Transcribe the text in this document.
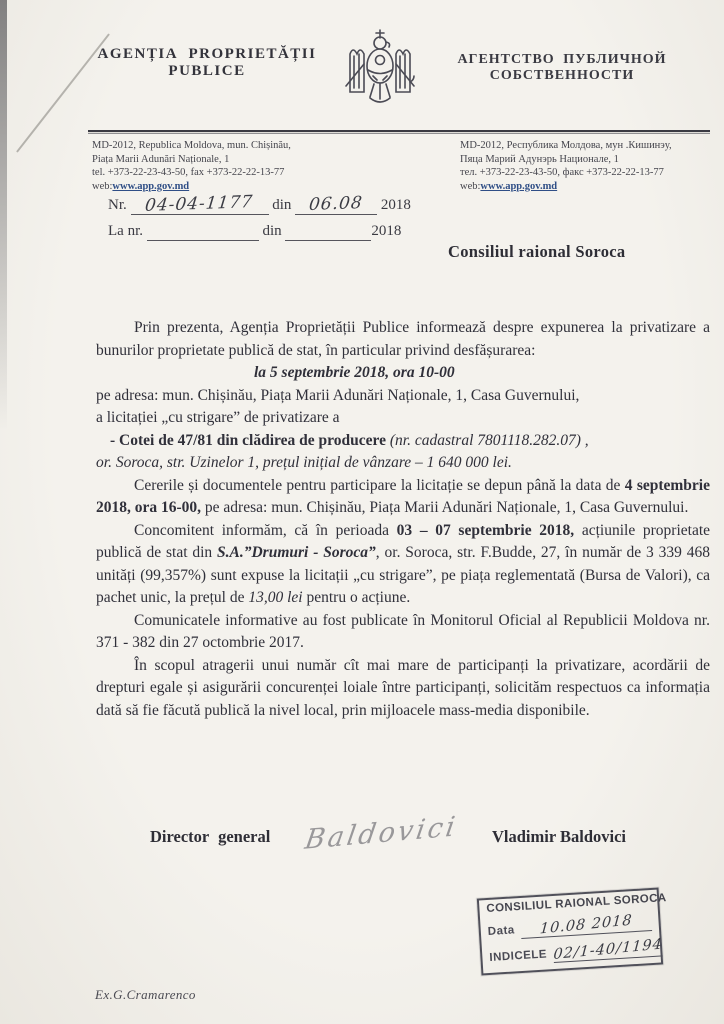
AGENȚIA PROPRIETĂȚII PUBLICE
АГЕНТСТВО ПУБЛИЧНОЙ СОБСТВЕННОСТИ
MD-2012, Republica Moldova, mun. Chișinău,
Piața Marii Adunări Naționale, 1
tel. +373-22-23-43-50, fax +373-22-22-13-77
web:www.app.gov.md
MD-2012, Республика Молдова, мун .Кишинэу,
Пяца Марий Адунэрь Национале, 1
тел. +373-22-23-43-50, факс +373-22-22-13-77
web:www.app.gov.md
Nr. 04-04-1177 din 06.08 2018
La nr.	din	2018
Consiliul raional Soroca

Prin prezenta, Agenția Proprietății Publice informează despre expunerea la privatizare a bunurilor proprietate publică de stat, în particular privind desfășurarea:

la 5 septembrie 2018, ora 10-00

pe adresa: mun. Chișinău, Piața Marii Adunări Naționale, 1, Casa Guvernului,
a licitației „cu strigare” de privatizare a

- Cotei de 47/81 din clădirea de producere (nr. cadastral 7801118.282.07) ,
or. Soroca, str. Uzinelor 1, prețul inițial de vânzare – 1 640 000 lei.

Cererile și documentele pentru participare la licitație se depun până la data de 4 septembrie 2018, ora 16-00, pe adresa: mun. Chișinău, Piața Marii Adunări Naționale, 1, Casa Guvernului.

Concomitent informăm, că în perioada 03 – 07 septembrie 2018, acțiunile proprietate publică de stat din S.A.”Drumuri - Soroca”, or. Soroca, str. F.Budde, 27, în număr de 3 339 468 unități (99,357%) sunt expuse la licitații „cu strigare”, pe piața reglementată (Bursa de Valori), ca pachet unic, la prețul de 13,00 lei pentru o acțiune.

Comunicatele informative au fost publicate în Monitorul Oficial al Republicii Moldova nr. 371 - 382 din 27 octombrie 2017.

În scopul atragerii unui număr cît mai mare de participanți la privatizare, acordării de drepturi egale și asigurării concurenței loiale între participanți, solicităm respectuos ca informația dată să fie făcută publică la nivel local, prin mijloacele mass-media disponibile.

Director general Baldovici Vladimir Baldovici
CONSILIUL RAIONAL SOROCA
Data	10.08 2018
INDICELE 02/1-40/1194
Ex.G.Cramarenco
